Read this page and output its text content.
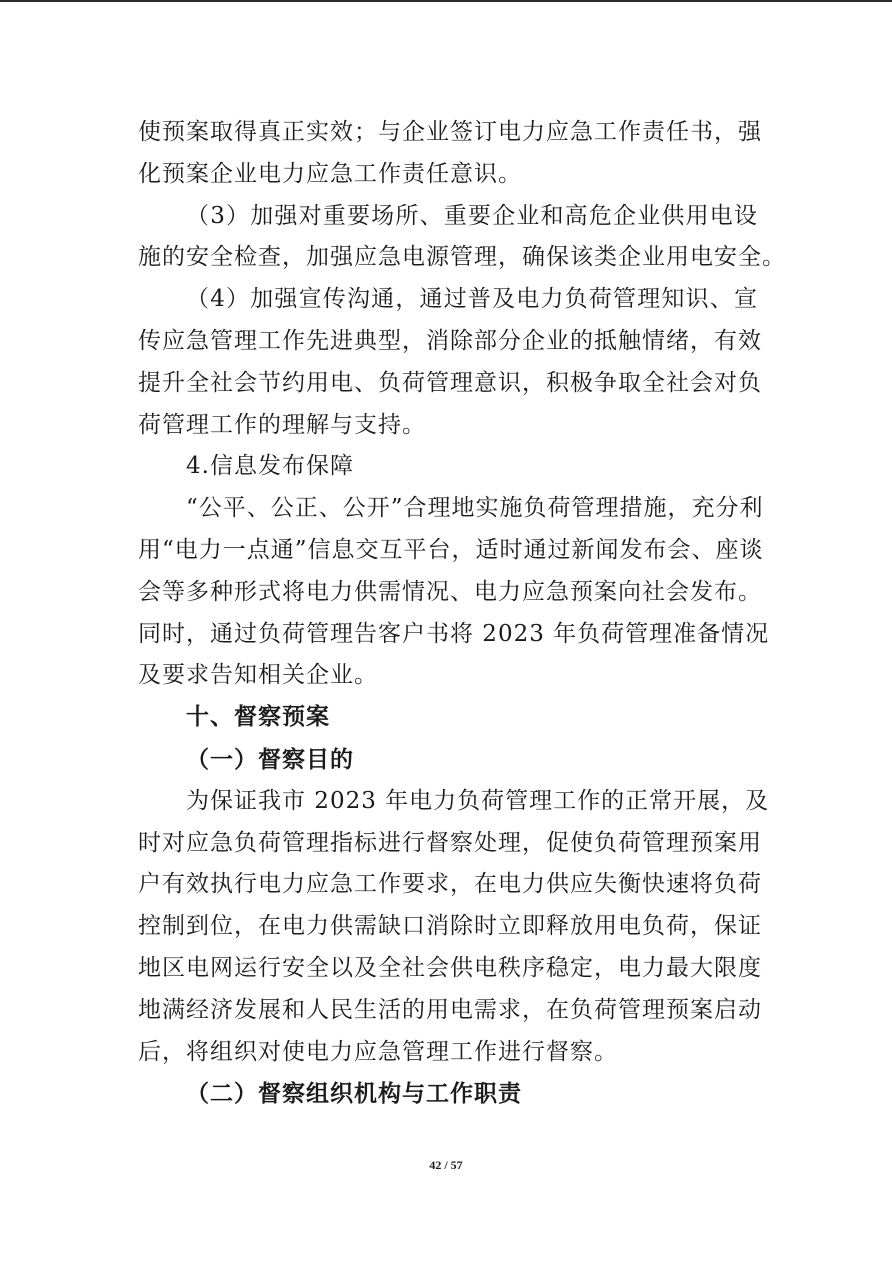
使预案取得真正实效；与企业签订电力应急工作责任书，强
化预案企业电力应急工作责任意识。
（3）加强对重要场所、重要企业和高危企业供用电设
施的安全检查，加强应急电源管理，确保该类企业用电安全。
（4）加强宣传沟通，通过普及电力负荷管理知识、宣
传应急管理工作先进典型，消除部分企业的抵触情绪，有效
提升全社会节约用电、负荷管理意识，积极争取全社会对负
荷管理工作的理解与支持。
4.信息发布保障
“公平、公正、公开”合理地实施负荷管理措施，充分利
用“电力一点通”信息交互平台，适时通过新闻发布会、座谈
会等多种形式将电力供需情况、电力应急预案向社会发布。
同时，通过负荷管理告客户书将 2023 年负荷管理准备情况
及要求告知相关企业。
十、督察预案
（一）督察目的
为保证我市 2023 年电力负荷管理工作的正常开展，及
时对应急负荷管理指标进行督察处理，促使负荷管理预案用
户有效执行电力应急工作要求，在电力供应失衡快速将负荷
控制到位，在电力供需缺口消除时立即释放用电负荷，保证
地区电网运行安全以及全社会供电秩序稳定，电力最大限度
地满经济发展和人民生活的用电需求，在负荷管理预案启动
后，将组织对使电力应急管理工作进行督察。
（二）督察组织机构与工作职责
42 / 57
